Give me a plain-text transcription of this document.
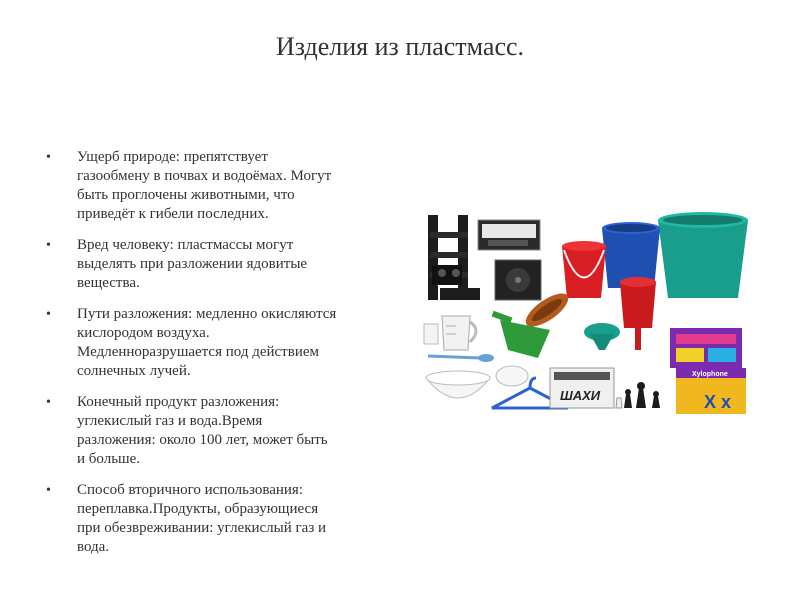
Изделия из пластмасс.
• Ущерб природе: препятствует
газообмену в почвах и водоёмах. Могут
быть проглочены животными, что
приведёт к гибели последних.
• Вред человеку: пластмассы могут
выделять при разложении ядовитые
вещества.
• Пути разложения: медленно окисляются
кислородом воздуха.
Медленноразрушается под действием
солнечных лучей.
• Конечный продукт разложения:
углекислый газ и вода.Время
разложения: около 100 лет, может быть
и больше.
• Способ вторичного использования:
переплавка.Продукты, образующиеся
при обезвреживании: углекислый газ и
вода.
ШАХИ
Xylophone
X x
